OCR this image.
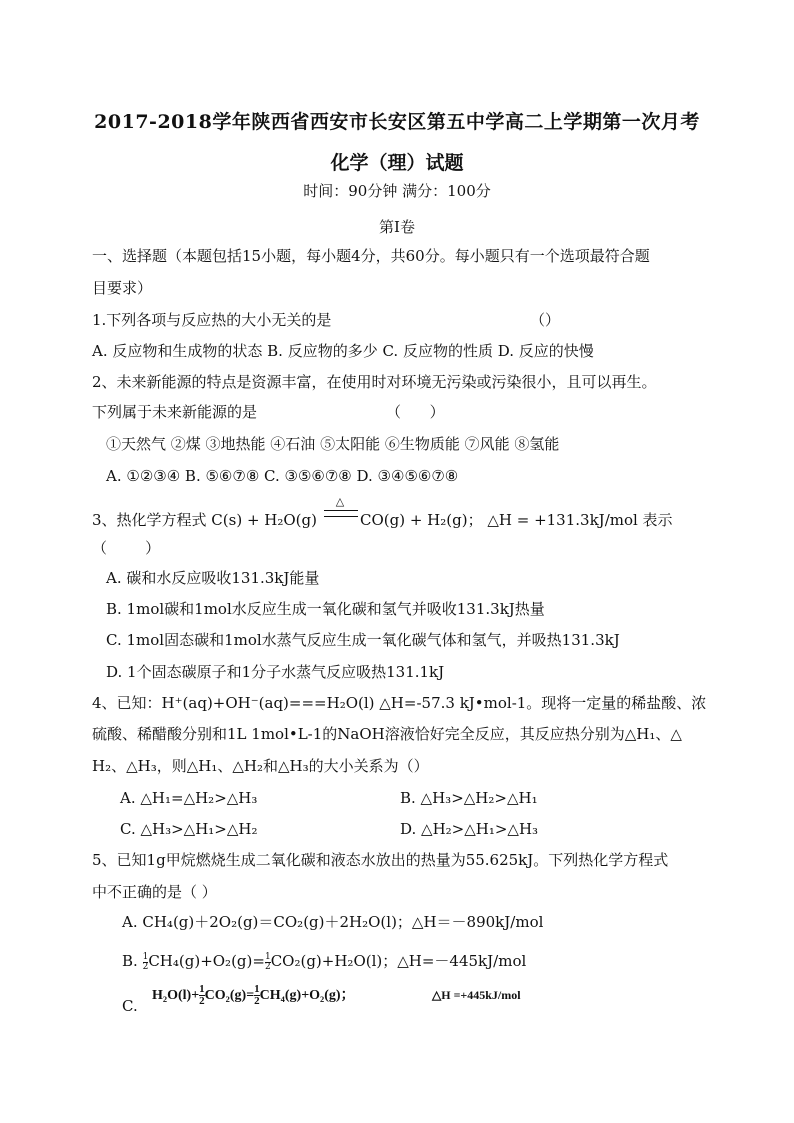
2017-2018学年陕西省西安市长安区第五中学高二上学期第一次月考
化学（理）试题
时间：90分钟 满分：100分
第I卷
一、选择题（本题包括15小题，每小题4分，共60分。每小题只有一个选项最符合题
目要求）
1.下列各项与反应热的大小无关的是	（）
A. 反应物和生成物的状态 B. 反应物的多少 C. 反应物的性质 D. 反应的快慢
2、未来新能源的特点是资源丰富，在使用时对环境无污染或污染很小，且可以再生。
下列属于未来新能源的是	（      ）
①天然气 ②煤 ③地热能 ④石油 ⑤太阳能 ⑥生物质能 ⑦风能 ⑧氢能
A. ①②③④ B. ⑤⑥⑦⑧ C. ③⑤⑥⑦⑧ D. ③④⑤⑥⑦⑧
3、热化学方程式 C(s) + H₂O(g)
△
CO(g) + H₂(g)； △H = +131.3kJ/mol 表示
（        ）
A. 碳和水反应吸收131.3kJ能量
B. 1mol碳和1mol水反应生成一氧化碳和氢气并吸收131.3kJ热量
C. 1mol固态碳和1mol水蒸气反应生成一氧化碳气体和氢气，并吸热131.3kJ
D. 1个固态碳原子和1分子水蒸气反应吸热131.1kJ
4、已知：H⁺(aq)+OH⁻(aq)===H₂O(l) △H=-57.3 kJ•mol-1。现将一定量的稀盐酸、浓
硫酸、稀醋酸分别和1L 1mol•L-1的NaOH溶液恰好完全反应，其反应热分别为△H₁、△
H₂、△H₃，则△H₁、△H₂和△H₃的大小关系为（）
A. △H₁=△H₂>△H₃	B. △H₃>△H₂>△H₁
C. △H₃>△H₁>△H₂	D. △H₂>△H₁>△H₃
5、已知1g甲烷燃烧生成二氧化碳和液态水放出的热量为55.625kJ。下列热化学方程式
中不正确的是（ ）
A. CH₄(g)＋2O₂(g)＝CO₂(g)＋2H₂O(l)；△H＝－890kJ/mol
B. $\frac{1}{2} CH_4(g)+O_2(g)= \frac{1}{2} CO_2(g)+H_2O(l)$；△H=－445kJ/mol
C.
$H_2O(l)+ \frac{1}{2} CO_2(g)= \frac{1}{2} CH_4(g)+O_2(g)$；	△H =+445kJ/mol
